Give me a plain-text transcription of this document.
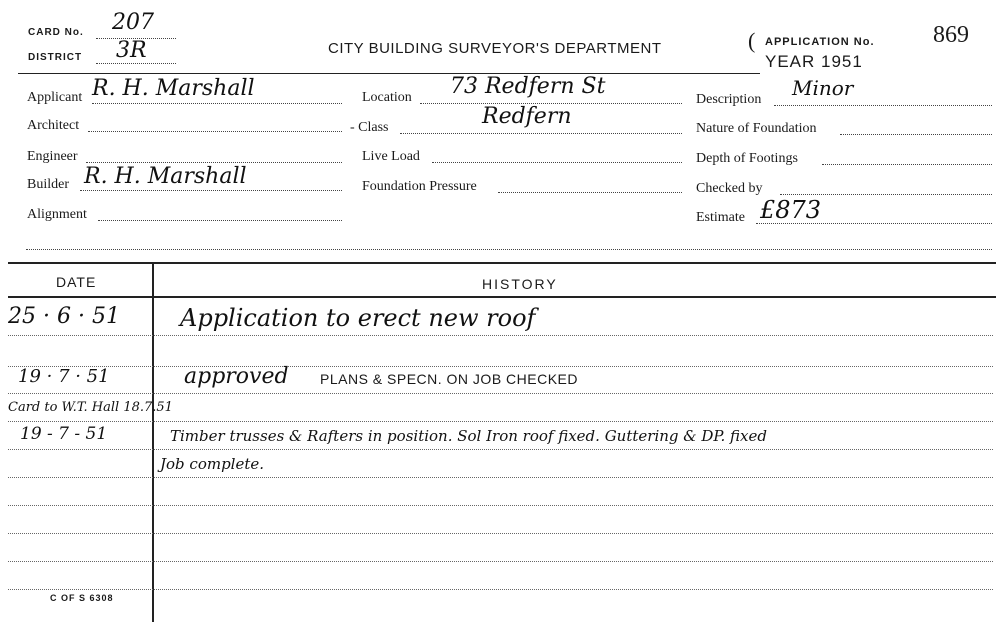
CARD No. 207
DISTRICT 3R	CITY BUILDING SURVEYOR'S DEPARTMENT	( APPLICATION No. 869
YEAR 1951
Applicant R. H. Marshall
Architect
Engineer
Builder R. H. Marshall
Alignment
Location 73 Redfern St
- Class	Redfern
Live Load
Foundation Pressure
Description Minor
Nature of Foundation
Depth of Footings
Checked by
Estimate £873
DATE	HISTORY
25 · 6 · 51	Application to erect new roof
19 · 7 · 51	approved PLANS & SPECN. ON JOB CHECKED
Card to W.T. Hall 18.7.51
19 - 7 - 51	Timber trusses & Rafters in position. Sol Iron roof fixed. Guttering & DP. fixed
Job complete.
C OF S 6308
